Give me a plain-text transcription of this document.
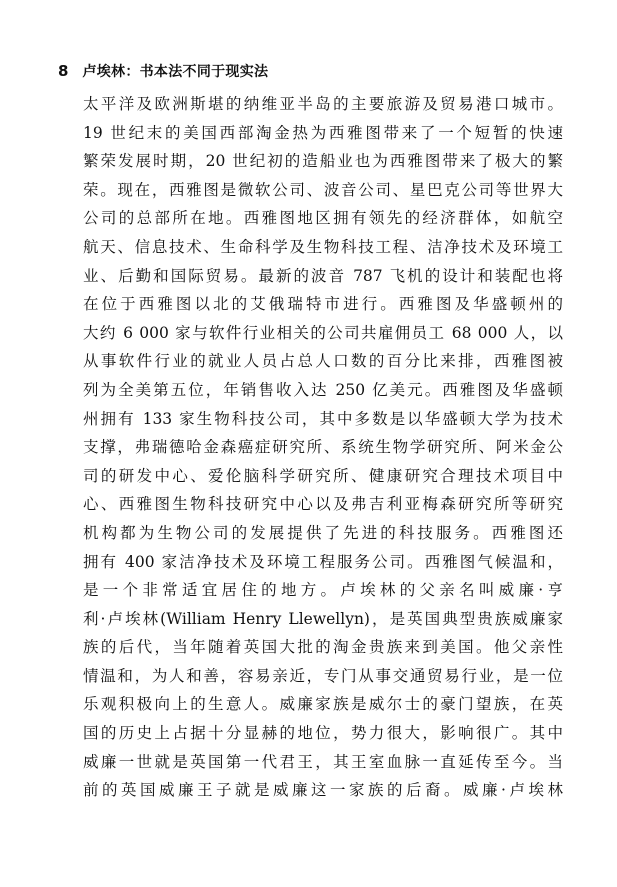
8 卢埃林：书本法不同于现实法
太平洋及欧洲斯堪的纳维亚半岛的主要旅游及贸易港口城市。
19 世纪末的美国西部淘金热为西雅图带来了一个短暂的快速
繁荣发展时期，20 世纪初的造船业也为西雅图带来了极大的繁
荣。现在，西雅图是微软公司、波音公司、星巴克公司等世界大
公司的总部所在地。西雅图地区拥有领先的经济群体，如航空
航天、信息技术、生命科学及生物科技工程、洁净技术及环境工
业、后勤和国际贸易。最新的波音 787 飞机的设计和装配也将
在位于西雅图以北的艾俄瑞特市进行。西雅图及华盛顿州的
大约 6 000 家与软件行业相关的公司共雇佣员工 68 000 人，以
从事软件行业的就业人员占总人口数的百分比来排，西雅图被
列为全美第五位，年销售收入达 250 亿美元。西雅图及华盛顿
州拥有 133 家生物科技公司，其中多数是以华盛顿大学为技术
支撑，弗瑞德哈金森癌症研究所、系统生物学研究所、阿米金公
司的研发中心、爱伦脑科学研究所、健康研究合理技术项目中
心、西雅图生物科技研究中心以及弗吉利亚梅森研究所等研究
机构都为生物公司的发展提供了先进的科技服务。西雅图还
拥有 400 家洁净技术及环境工程服务公司。西雅图气候温和，
是一个非常适宜居住的地方。卢埃林的父亲名叫威廉·亨
利·卢埃林(William Henry Llewellyn)，是英国典型贵族威廉家
族的后代，当年随着英国大批的淘金贵族来到美国。他父亲性
情温和，为人和善，容易亲近，专门从事交通贸易行业，是一位
乐观积极向上的生意人。威廉家族是威尔士的豪门望族，在英
国的历史上占据十分显赫的地位，势力很大，影响很广。其中
威廉一世就是英国第一代君王，其王室血脉一直延传至今。当
前的英国威廉王子就是威廉这一家族的后裔。威廉·卢埃林
